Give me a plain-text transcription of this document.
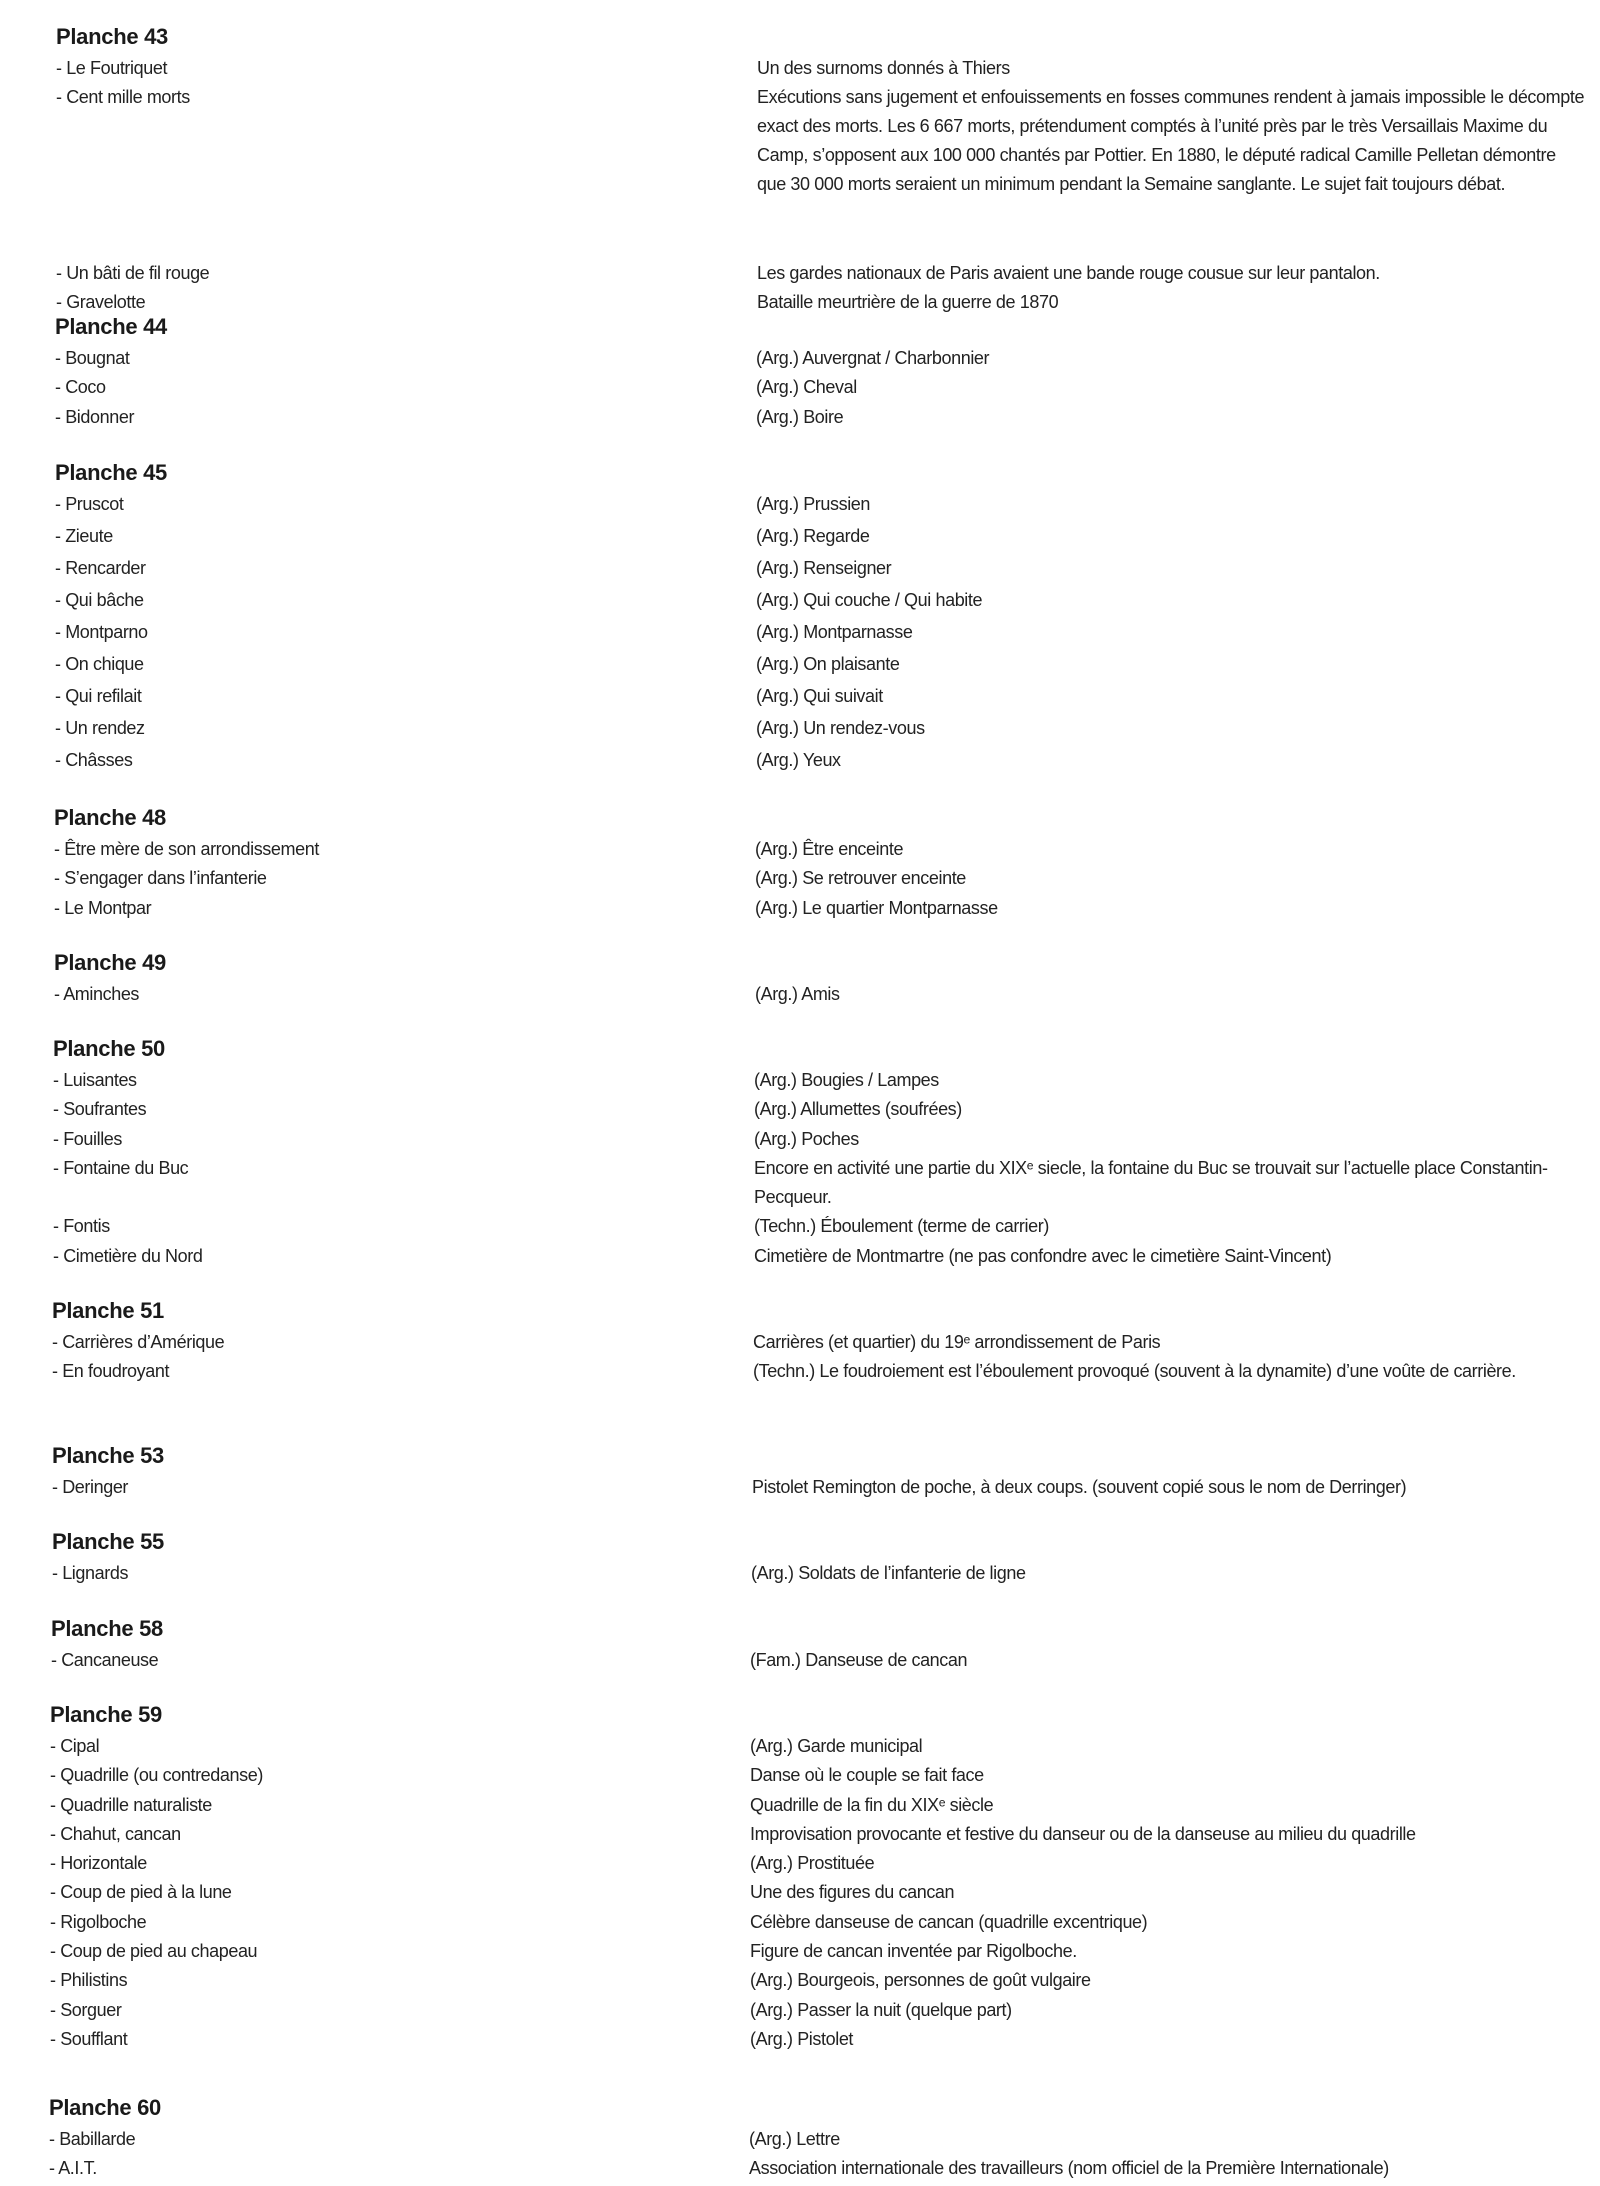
Planche 43
- Le Foutriquet	Un des surnoms donnés à Thiers
- Cent mille morts	Exécutions sans jugement et enfouissements en fosses communes rendent à jamais impossible le décompte exact des morts. Les 6 667 morts, prétendument comptés à l’unité près par le très Versaillais Maxime du Camp, s’opposent aux 100 000 chantés par Pottier. En 1880, le député radical Camille Pelletan démontre que 30 000 morts seraient un minimum pendant la Semaine sanglante. Le sujet fait toujours débat.
- Un bâti de fil rouge	Les gardes nationaux de Paris avaient une bande rouge cousue sur leur pantalon.
- Gravelotte	Bataille meurtrière de la guerre de 1870
Planche 44
- Bougnat	(Arg.) Auvergnat / Charbonnier
- Coco	(Arg.) Cheval
- Bidonner	(Arg.) Boire
Planche 45
- Pruscot	(Arg.) Prussien
- Zieute	(Arg.) Regarde
- Rencarder	(Arg.) Renseigner
- Qui bâche	(Arg.) Qui couche / Qui habite
- Montparno	(Arg.) Montparnasse
- On chique	(Arg.) On plaisante
- Qui refilait	(Arg.) Qui suivait
- Un rendez	(Arg.) Un rendez-vous
- Châsses	(Arg.) Yeux
Planche 48
- Être mère de son arrondissement	(Arg.) Être enceinte
- S’engager dans l’infanterie	(Arg.) Se retrouver enceinte
- Le Montpar	(Arg.) Le quartier Montparnasse
Planche 49
- Aminches	(Arg.) Amis
Planche 50
- Luisantes	(Arg.) Bougies / Lampes
- Soufrantes	(Arg.) Allumettes (soufrées)
- Fouilles	(Arg.) Poches
- Fontaine du Buc	Encore en activité une partie du XIXᵉ siecle, la fontaine du Buc se trouvait sur l’actuelle place Constantin-Pecqueur.
- Fontis	(Techn.) Éboulement (terme de carrier)
- Cimetière du Nord	Cimetière de Montmartre (ne pas confondre avec le cimetière Saint-Vincent)
Planche 51
- Carrières d’Amérique	Carrières (et quartier) du 19ᵉ arrondissement de Paris
- En foudroyant	(Techn.) Le foudroiement est l’éboulement provoqué (souvent à la dynamite) d’une voûte de carrière.
Planche 53
- Deringer	Pistolet Remington de poche, à deux coups. (souvent copié sous le nom de Derringer)
Planche 55
- Lignards	(Arg.) Soldats de l’infanterie de ligne
Planche 58
- Cancaneuse	(Fam.) Danseuse de cancan
Planche 59
- Cipal	(Arg.) Garde municipal
- Quadrille (ou contredanse)	Danse où le couple se fait face
- Quadrille naturaliste	Quadrille de la fin du XIXᵉ siècle
- Chahut, cancan	Improvisation provocante et festive du danseur ou de la danseuse au milieu du quadrille
- Horizontale	(Arg.) Prostituée
- Coup de pied à la lune	Une des figures du cancan
- Rigolboche	Célèbre danseuse de cancan (quadrille excentrique)
- Coup de pied au chapeau	Figure de cancan inventée par Rigolboche.
- Philistins	(Arg.) Bourgeois, personnes de goût vulgaire
- Sorguer	(Arg.) Passer la nuit (quelque part)
- Soufflant	(Arg.) Pistolet
Planche 60
- Babillarde	(Arg.) Lettre
- A.I.T.	Association internationale des travailleurs (nom officiel de la Première Internationale)
